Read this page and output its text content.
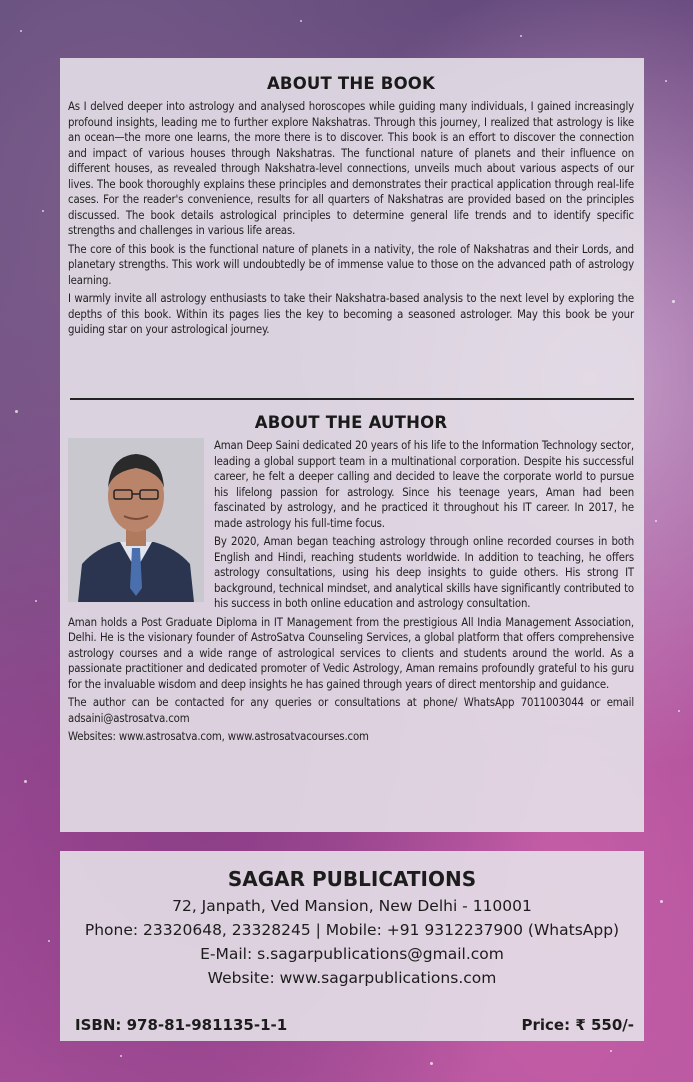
ABOUT THE BOOK

As I delved deeper into astrology and analysed horoscopes while guiding many individuals, I gained increasingly profound insights, leading me to further explore Nakshatras. Through this journey, I realized that astrology is like an ocean—the more one learns, the more there is to discover. This book is an effort to discover the connection and impact of various houses through Nakshatras. The functional nature of planets and their influence on different houses, as revealed through Nakshatra-level connections, unveils much about various aspects of our lives. The book thoroughly explains these principles and demonstrates their practical application through real-life cases. For the reader's convenience, results for all quarters of Nakshatras are provided based on the principles discussed. The book details astrological principles to determine general life trends and to identify specific strengths and challenges in various life areas.

The core of this book is the functional nature of planets in a nativity, the role of Nakshatras and their Lords, and planetary strengths. This work will undoubtedly be of immense value to those on the advanced path of astrology learning.

I warmly invite all astrology enthusiasts to take their Nakshatra-based analysis to the next level by exploring the depths of this book. Within its pages lies the key to becoming a seasoned astrologer. May this book be your guiding star on your astrological journey.

ABOUT THE AUTHOR

Aman Deep Saini dedicated 20 years of his life to the Information Technology sector, leading a global support team in a multinational corporation. Despite his successful career, he felt a deeper calling and decided to leave the corporate world to pursue his lifelong passion for astrology. Since his teenage years, Aman had been fascinated by astrology, and he practiced it throughout his IT career. In 2017, he made astrology his full-time focus.

By 2020, Aman began teaching astrology through online recorded courses in both English and Hindi, reaching students worldwide. In addition to teaching, he offers astrology consultations, using his deep insights to guide others. His strong IT background, technical mindset, and analytical skills have significantly contributed to his success in both online education and astrology consultation.

Aman holds a Post Graduate Diploma in IT Management from the prestigious All India Management Association, Delhi. He is the visionary founder of AstroSatva Counseling Services, a global platform that offers comprehensive astrology courses and a wide range of astrological services to clients and students around the world. As a passionate practitioner and dedicated promoter of Vedic Astrology, Aman remains profoundly grateful to his guru for the invaluable wisdom and deep insights he has gained through years of direct mentorship and guidance.

The author can be contacted for any queries or consultations at phone/ WhatsApp 7011003044 or email adsaini@astrosatva.com

Websites: www.astrosatva.com, www.astrosatvacourses.com

SAGAR PUBLICATIONS
72, Janpath, Ved Mansion, New Delhi - 110001
Phone: 23320648, 23328245 | Mobile: +91 9312237900 (WhatsApp)
E-Mail: s.sagarpublications@gmail.com
Website: www.sagarpublications.com
ISBN: 978-81-981135-1-1	Price: ₹ 550/-
